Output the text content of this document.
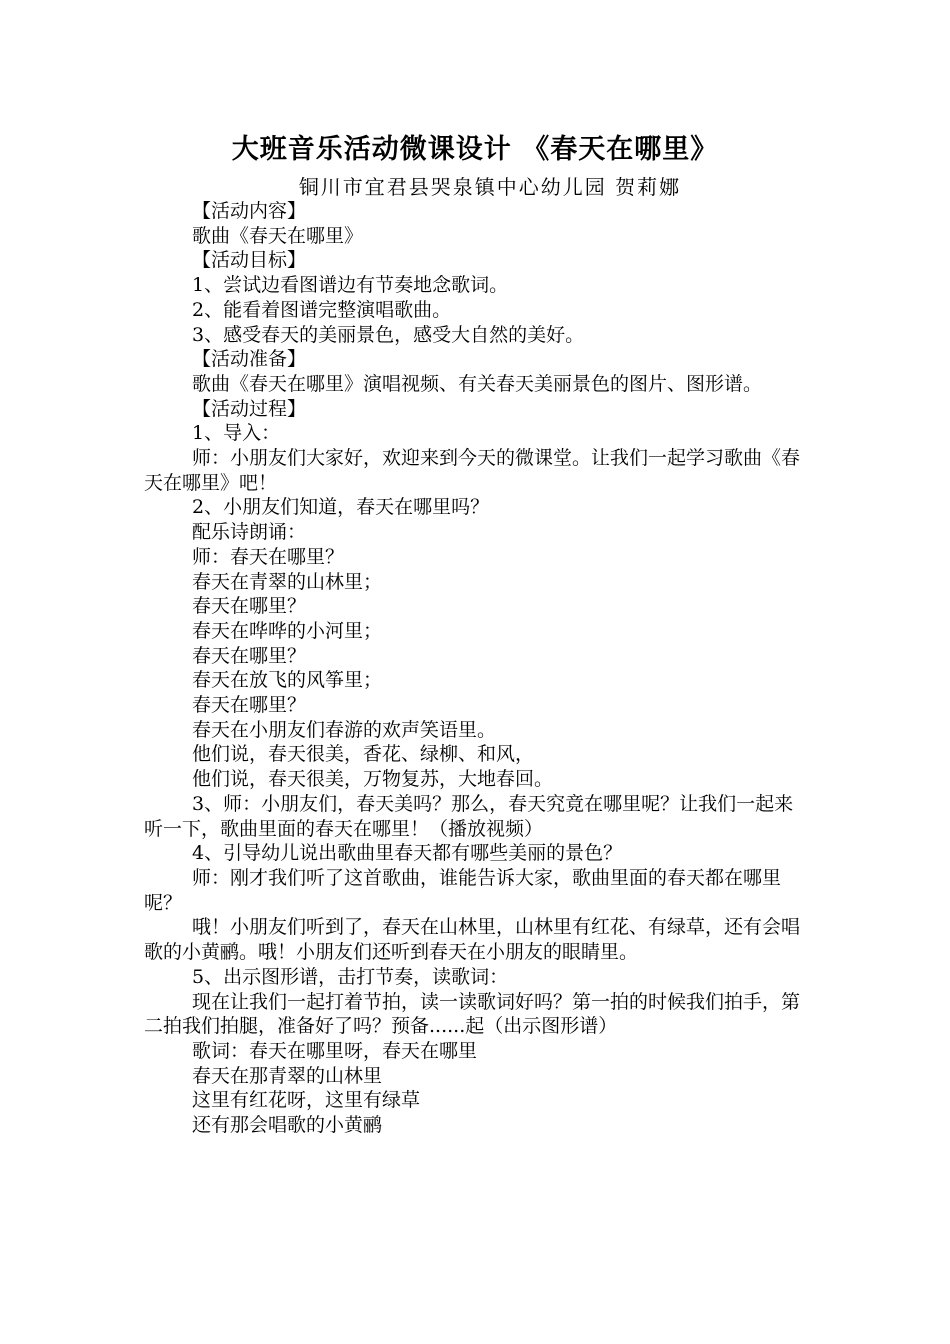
大班音乐活动微课设计 《春天在哪里》
铜川市宜君县哭泉镇中心幼儿园 贺莉娜

【活动内容】

歌曲《春天在哪里》

【活动目标】

1、尝试边看图谱边有节奏地念歌词。

2、能看着图谱完整演唱歌曲。

3、感受春天的美丽景色，感受大自然的美好。

【活动准备】

歌曲《春天在哪里》演唱视频、有关春天美丽景色的图片、图形谱。

【活动过程】

1、导入：

师：小朋友们大家好，欢迎来到今天的微课堂。让我们一起学习歌曲《春天在哪里》吧！

2、小朋友们知道，春天在哪里吗？

配乐诗朗诵：

师：春天在哪里？

春天在青翠的山林里；

春天在哪里？

春天在哗哗的小河里；

春天在哪里？

春天在放飞的风筝里；

春天在哪里？

春天在小朋友们春游的欢声笑语里。

他们说，春天很美，香花、绿柳、和风，

他们说，春天很美，万物复苏，大地春回。

3、师：小朋友们，春天美吗？那么，春天究竟在哪里呢？让我们一起来听一下，歌曲里面的春天在哪里！（播放视频）

4、引导幼儿说出歌曲里春天都有哪些美丽的景色？

师：刚才我们听了这首歌曲，谁能告诉大家，歌曲里面的春天都在哪里呢？

哦！小朋友们听到了，春天在山林里，山林里有红花、有绿草，还有会唱歌的小黄鹂。哦！小朋友们还听到春天在小朋友的眼睛里。

5、出示图形谱，击打节奏，读歌词：

现在让我们一起打着节拍，读一读歌词好吗？第一拍的时候我们拍手，第二拍我们拍腿，准备好了吗？预备......起（出示图形谱）

歌词：春天在哪里呀，春天在哪里

春天在那青翠的山林里

这里有红花呀，这里有绿草

还有那会唱歌的小黄鹂
